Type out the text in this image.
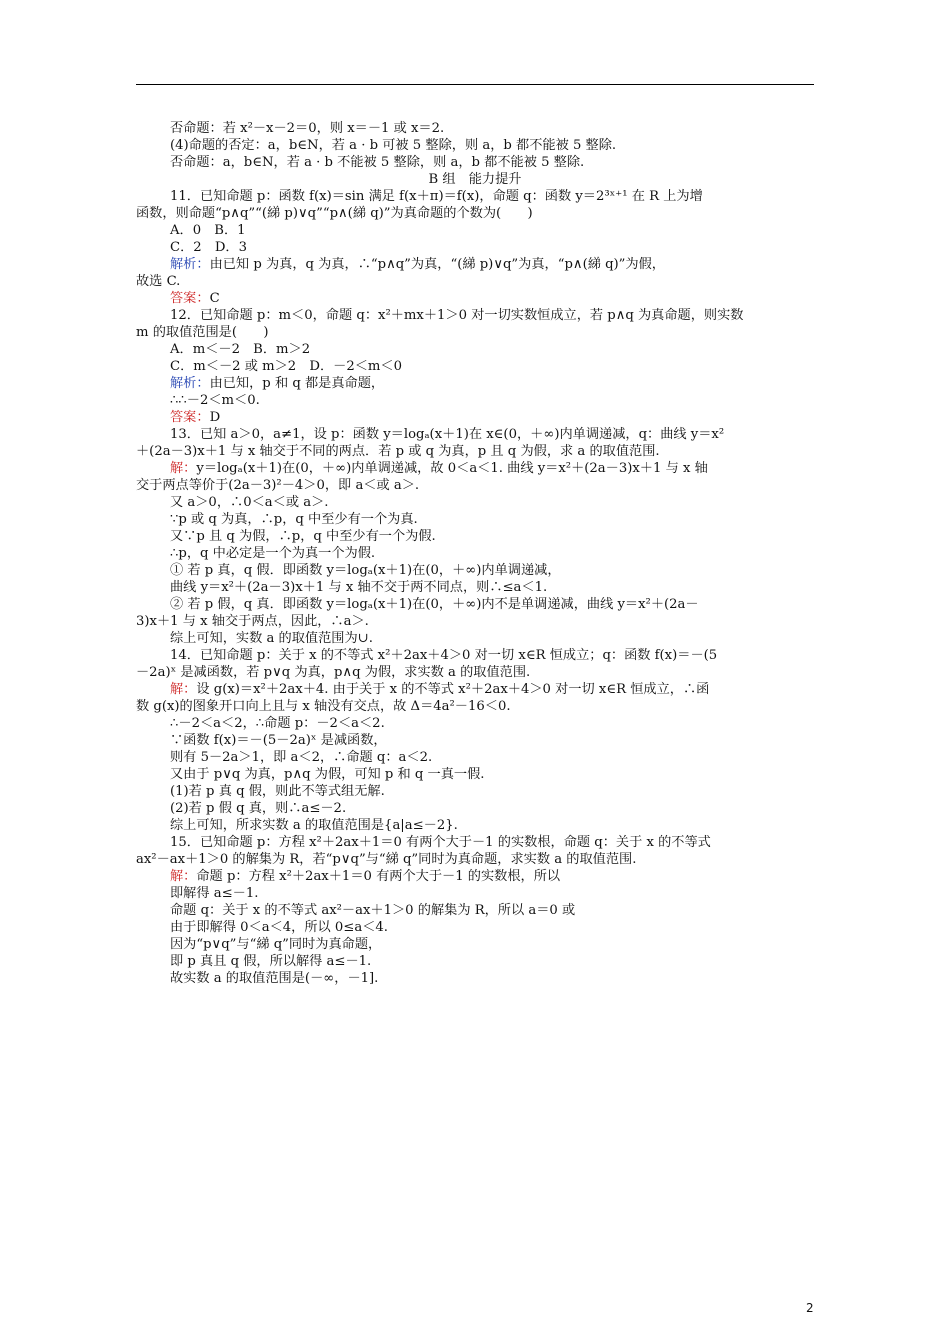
否命题：若 x²－x－2＝0，则 x＝－1 或 x＝2.
(4)命题的否定：a，b∈N，若 a · b 可被 5 整除，则 a，b 都不能被 5 整除.
否命题：a，b∈N，若 a · b 不能被 5 整除，则 a，b 都不能被 5 整除.
B 组　能力提升
11．已知命题 p：函数 f(x)＝sin 满足 f(x＋π)＝f(x)，命题 q：函数 y＝2³ˣ⁺¹ 在 R 上为增
函数，则命题“p∧q”“(綈 p)∨q”“p∧(綈 q)”为真命题的个数为(　　)
A．0　B．1
C．2　D．3
解析：由已知 p 为真，q 为真，∴“p∧q”为真，“(綈 p)∨q”为真，“p∧(綈 q)”为假，
故选 C.
答案：C
12．已知命题 p：m＜0，命题 q：x²＋mx＋1＞0 对一切实数恒成立，若 p∧q 为真命题，则实数
m 的取值范围是(　　)
A．m＜－2　B．m＞2
C．m＜－2 或 m＞2　D．－2＜m＜0
解析：由已知，p 和 q 都是真命题，
∴∴－2＜m＜0.
答案：D
13．已知 a＞0，a≠1，设 p：函数 y＝logₐ(x＋1)在 x∈(0，＋∞)内单调递减，q：曲线 y＝x²
＋(2a－3)x＋1 与 x 轴交于不同的两点．若 p 或 q 为真，p 且 q 为假，求 a 的取值范围.
解：y＝logₐ(x＋1)在(0，＋∞)内单调递减，故 0＜a＜1. 曲线 y＝x²＋(2a－3)x＋1 与 x 轴
交于两点等价于(2a－3)²－4＞0，即 a＜或 a＞.
又 a＞0，∴0＜a＜或 a＞.
∵p 或 q 为真，∴p，q 中至少有一个为真.
又∵p 且 q 为假，∴p，q 中至少有一个为假.
∴p，q 中必定是一个为真一个为假.
① 若 p 真，q 假．即函数 y＝logₐ(x＋1)在(0，＋∞)内单调递减，
曲线 y＝x²＋(2a－3)x＋1 与 x 轴不交于两不同点，则∴≤a＜1.
② 若 p 假，q 真．即函数 y＝logₐ(x＋1)在(0，＋∞)内不是单调递减，曲线 y＝x²＋(2a－
3)x＋1 与 x 轴交于两点，因此，∴a＞.
综上可知，实数 a 的取值范围为∪.
14．已知命题 p：关于 x 的不等式 x²＋2ax＋4＞0 对一切 x∈R 恒成立；q：函数 f(x)＝－(5
－2a)ˣ 是减函数，若 p∨q 为真，p∧q 为假，求实数 a 的取值范围.
解：设 g(x)＝x²＋2ax＋4. 由于关于 x 的不等式 x²＋2ax＋4＞0 对一切 x∈R 恒成立，∴函
数 g(x)的图象开口向上且与 x 轴没有交点，故 Δ＝4a²－16＜0.
∴－2＜a＜2，∴命题 p：－2＜a＜2.
∵函数 f(x)＝－(5－2a)ˣ 是减函数，
则有 5－2a＞1，即 a＜2，∴命题 q：a＜2.
又由于 p∨q 为真，p∧q 为假，可知 p 和 q 一真一假.
(1)若 p 真 q 假，则此不等式组无解.
(2)若 p 假 q 真，则∴a≤－2.
综上可知，所求实数 a 的取值范围是{a|a≤－2}.
15．已知命题 p：方程 x²＋2ax＋1＝0 有两个大于－1 的实数根，命题 q：关于 x 的不等式
ax²－ax＋1＞0 的解集为 R，若“p∨q”与“綈 q”同时为真命题，求实数 a 的取值范围.
解：命题 p：方程 x²＋2ax＋1＝0 有两个大于－1 的实数根，所以
即解得 a≤－1.
命题 q：关于 x 的不等式 ax²－ax＋1＞0 的解集为 R，所以 a＝0 或
由于即解得 0＜a＜4，所以 0≤a＜4.
因为“p∨q”与“綈 q”同时为真命题，
即 p 真且 q 假，所以解得 a≤－1.
故实数 a 的取值范围是(－∞，－1].
2
